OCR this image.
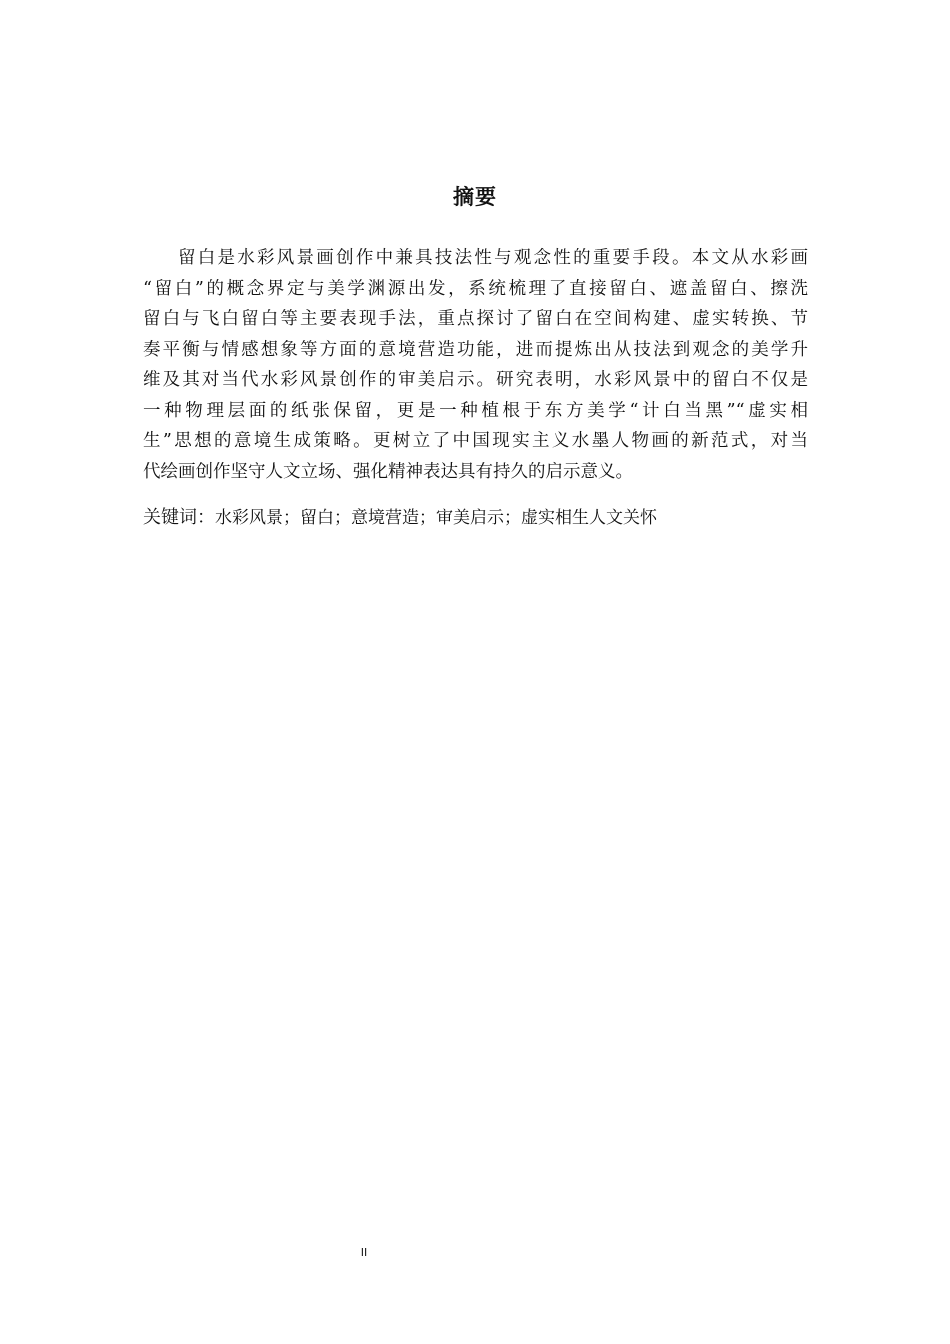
摘要
留白是水彩风景画创作中兼具技法性与观念性的重要手段。本文从水彩画
“留白”的概念界定与美学渊源出发，系统梳理了直接留白、遮盖留白、擦洗
留白与飞白留白等主要表现手法，重点探讨了留白在空间构建、虚实转换、节
奏平衡与情感想象等方面的意境营造功能，进而提炼出从技法到观念的美学升
维及其对当代水彩风景创作的审美启示。研究表明，水彩风景中的留白不仅是
一种物理层面的纸张保留，更是一种植根于东方美学“计白当黑”“虚实相
生”思想的意境生成策略。更树立了中国现实主义水墨人物画的新范式，对当
代绘画创作坚守人文立场、强化精神表达具有持久的启示意义。
关键词：水彩风景；留白；意境营造；审美启示；虚实相生人文关怀
II
